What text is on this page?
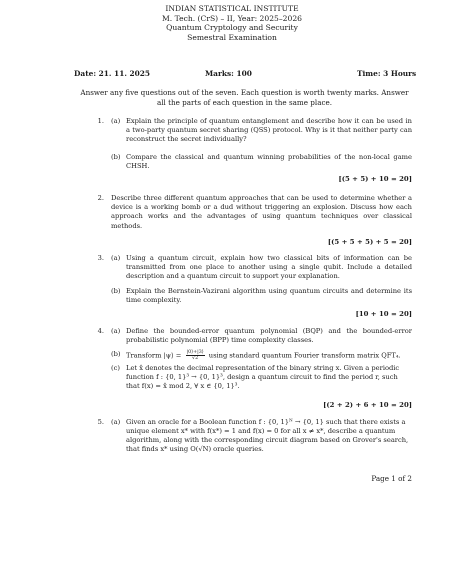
INDIAN STATISTICAL INSTITUTE
M. Tech. (CrS) – II, Year: 2025–2026
Quantum Cryptology and Security
Semestral Examination
Date: 21. 11. 2025	Marks: 100	Time: 3 Hours
Answer any five questions out of the seven. Each question is worth twenty marks. Answer all the parts of each question in the same place.
1. (a) Explain the principle of quantum entanglement and describe how it can be used in a two-party quantum secret sharing (QSS) protocol. Why is it that neither party can reconstruct the secret individually?
(b) Compare the classical and quantum winning probabilities of the non-local game CHSH.
[(5 + 5) + 10 = 20]
2. Describe three different quantum approaches that can be used to determine whether a device is a working bomb or a dud without triggering an explosion. Discuss how each approach works and the advantages of using quantum techniques over classical methods.
[(5 + 5 + 5) + 5 = 20]
3. (a) Using a quantum circuit, explain how two classical bits of information can be transmitted from one place to another using a single qubit. Include a detailed description and a quantum circuit to support your explanation.
(b) Explain the Bernstein-Vazirani algorithm using quantum circuits and determine its time complexity.
[10 + 10 = 20]
4. (a) Define the bounded-error quantum polynomial (BQP) and the bounded-error probabilistic polynomial (BPP) time complexity classes.
(b) Transform |ψ⟩ = $\frac{|0⟩+|3⟩}{√2}$ using standard quantum Fourier transform matrix QFT₄.
(c) Let x̂ denotes the decimal representation of the binary string x. Given a periodic
function f : {0, 1}³ → {0, 1}³, design a quantum circuit to find the period r, such
that f(x) = x̂ mod 2, ∀ x ∈ {0, 1}³.
[(2 + 2) + 6 + 10 = 20]
5. (a) Given an oracle for a Boolean function f : {0, 1}ᴺ → {0, 1} such that there exists a
unique element x* with f(x*) = 1 and f(x) = 0 for all x ≠ x*, describe a quantum
algorithm, along with the corresponding circuit diagram based on Grover's search,
that finds x* using O(√N) oracle queries.
Page 1 of 2
